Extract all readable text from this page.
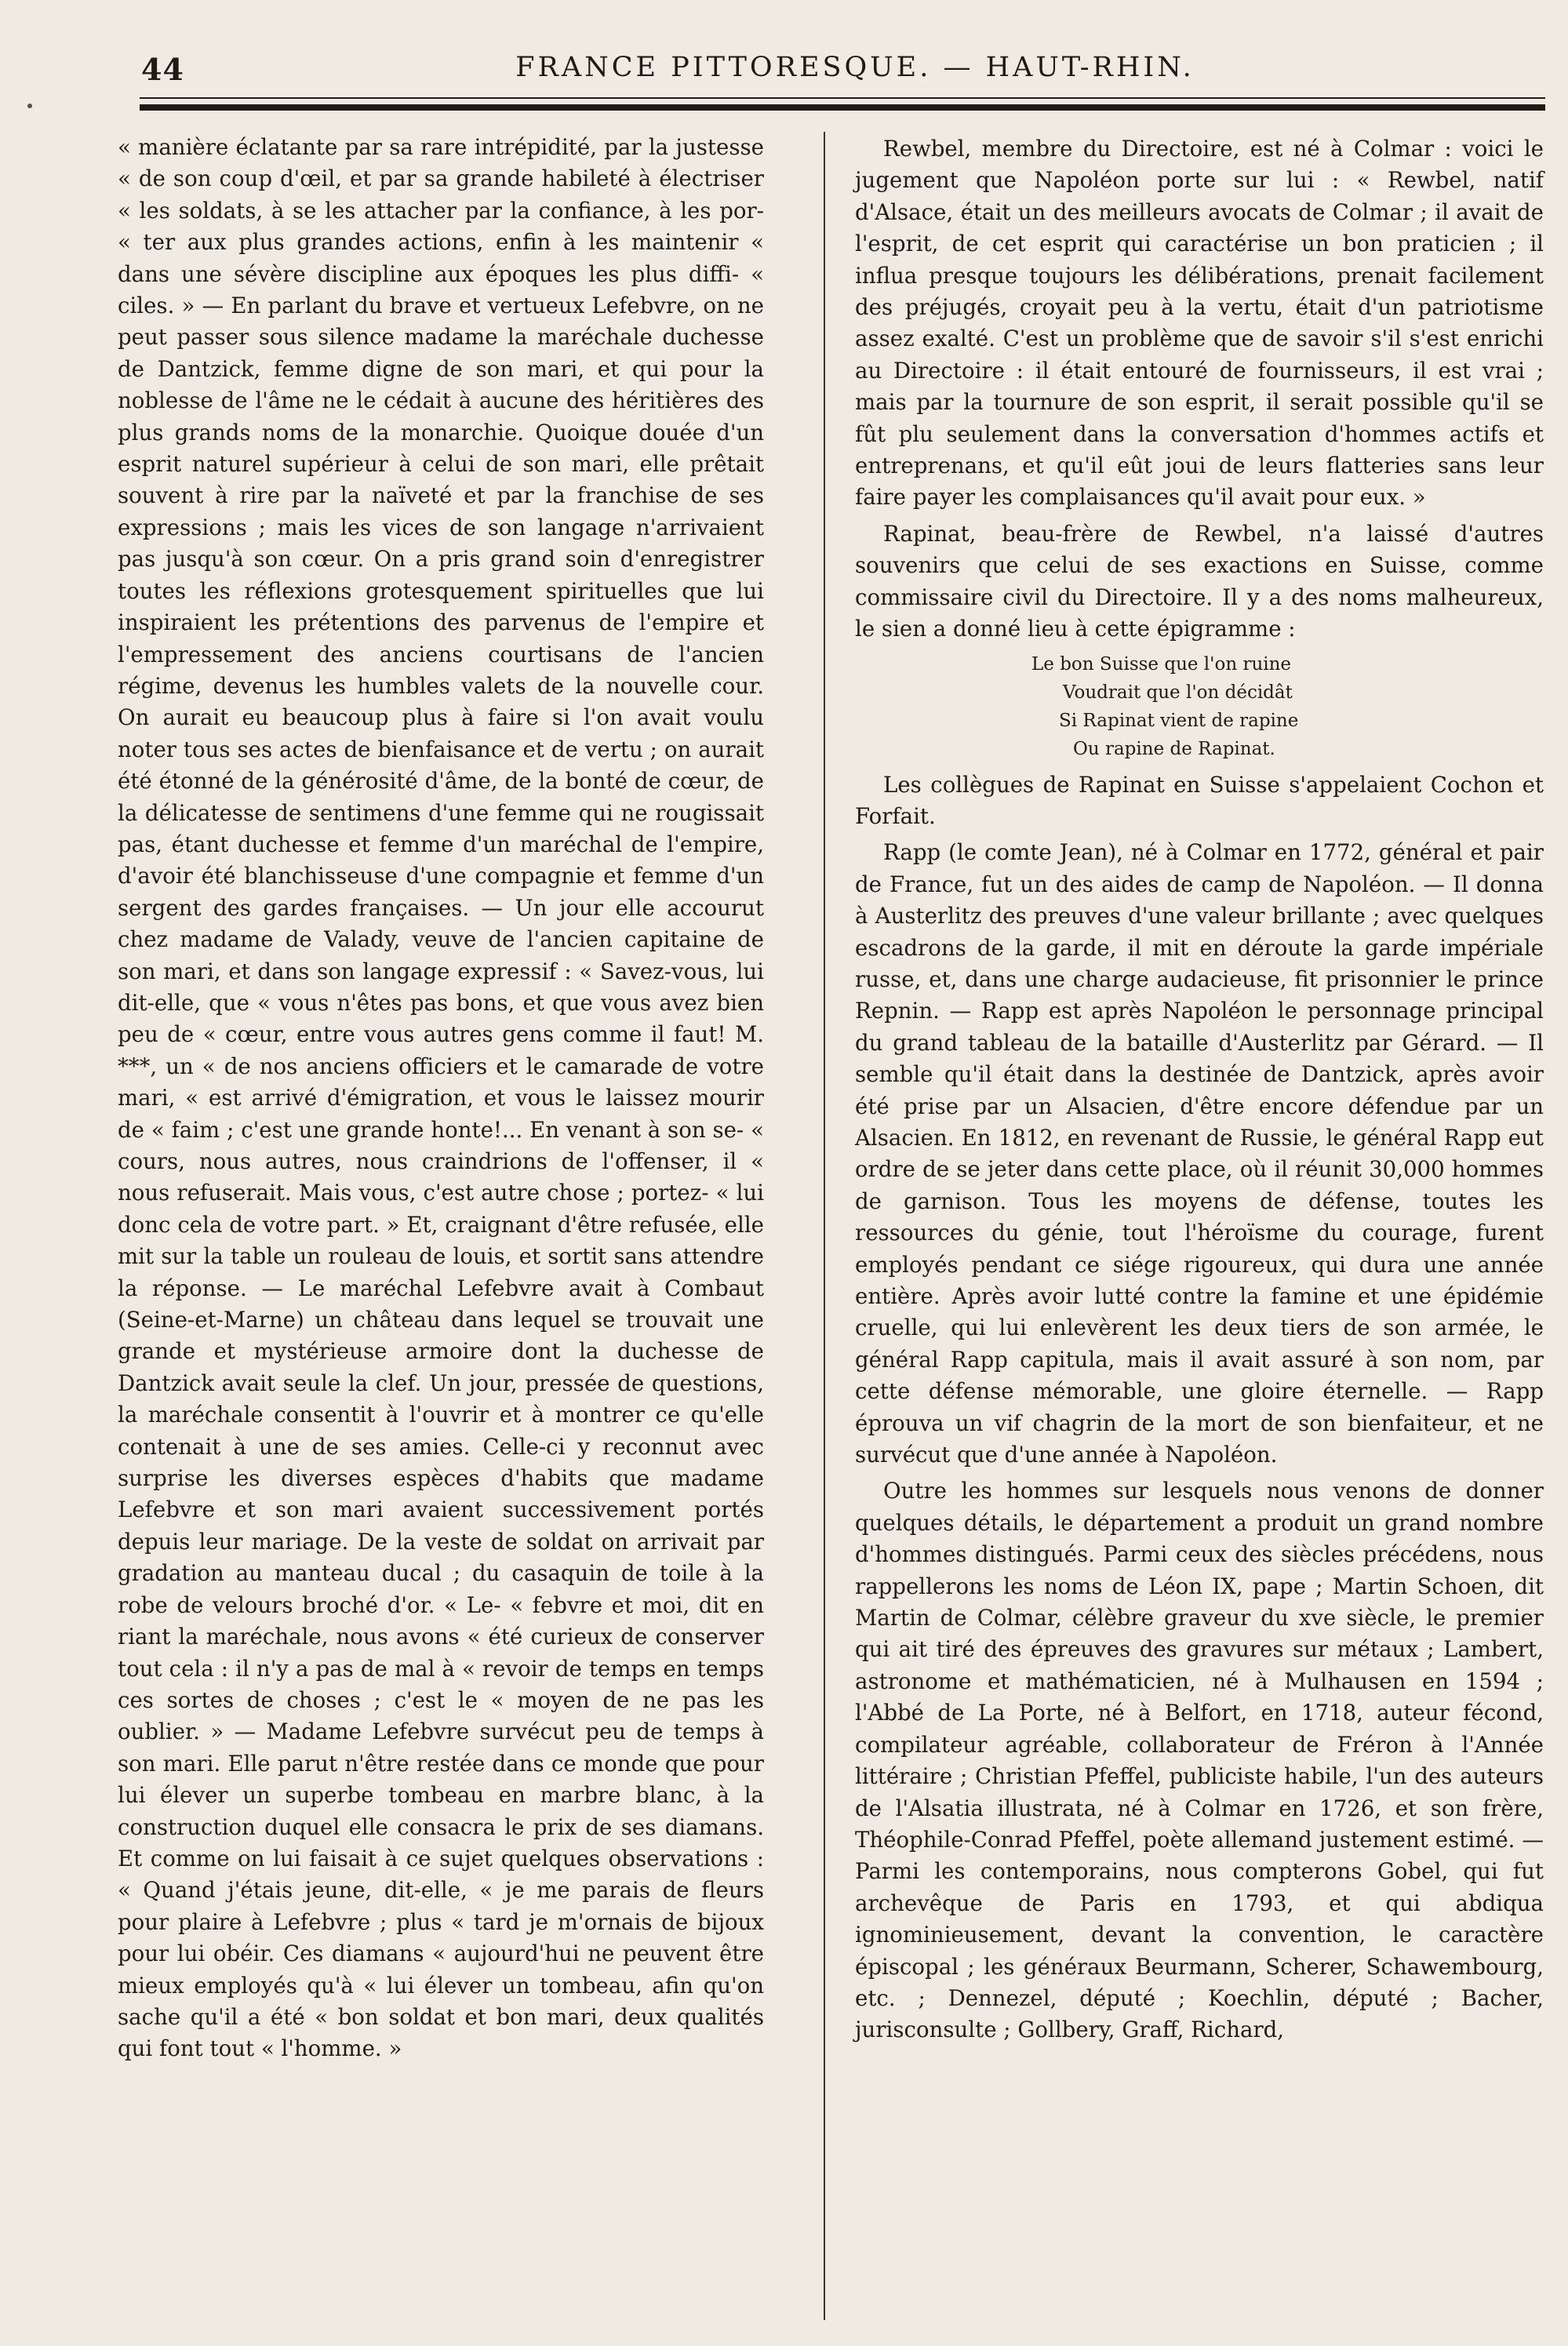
44	FRANCE PITTORESQUE. — HAUT-RHIN.

« manière éclatante par sa rare intrépidité, par la justesse « de son coup d'œil, et par sa grande habileté à électriser « les soldats, à se les attacher par la confiance, à les por- « ter aux plus grandes actions, enfin à les maintenir « dans une sévère discipline aux époques les plus diffi- « ciles. » — En parlant du brave et vertueux Lefebvre, on ne peut passer sous silence madame la maréchale duchesse de Dantzick, femme digne de son mari, et qui pour la noblesse de l'âme ne le cédait à aucune des héritières des plus grands noms de la monarchie. Quoique douée d'un esprit naturel supérieur à celui de son mari, elle prêtait souvent à rire par la naïveté et par la franchise de ses expressions ; mais les vices de son langage n'arrivaient pas jusqu'à son cœur. On a pris grand soin d'enregistrer toutes les réflexions grotesquement spirituelles que lui inspiraient les prétentions des parvenus de l'empire et l'empressement des anciens courtisans de l'ancien régime, devenus les humbles valets de la nouvelle cour. On aurait eu beaucoup plus à faire si l'on avait voulu noter tous ses actes de bienfaisance et de vertu ; on aurait été étonné de la générosité d'âme, de la bonté de cœur, de la délicatesse de sentimens d'une femme qui ne rougissait pas, étant duchesse et femme d'un maréchal de l'empire, d'avoir été blanchisseuse d'une compagnie et femme d'un sergent des gardes françaises. — Un jour elle accourut chez madame de Valady, veuve de l'ancien capitaine de son mari, et dans son langage expressif : « Savez-vous, lui dit-elle, que « vous n'êtes pas bons, et que vous avez bien peu de « cœur, entre vous autres gens comme il faut! M. ***, un « de nos anciens officiers et le camarade de votre mari, « est arrivé d'émigration, et vous le laissez mourir de « faim ; c'est une grande honte!... En venant à son se- « cours, nous autres, nous craindrions de l'offenser, il « nous refuserait. Mais vous, c'est autre chose ; portez- « lui donc cela de votre part. » Et, craignant d'être refusée, elle mit sur la table un rouleau de louis, et sortit sans attendre la réponse. — Le maréchal Lefebvre avait à Combaut (Seine-et-Marne) un château dans lequel se trouvait une grande et mystérieuse armoire dont la duchesse de Dantzick avait seule la clef. Un jour, pressée de questions, la maréchale consentit à l'ouvrir et à montrer ce qu'elle contenait à une de ses amies. Celle-ci y reconnut avec surprise les diverses espèces d'habits que madame Lefebvre et son mari avaient successivement portés depuis leur mariage. De la veste de soldat on arrivait par gradation au manteau ducal ; du casaquin de toile à la robe de velours broché d'or. « Le- « febvre et moi, dit en riant la maréchale, nous avons « été curieux de conserver tout cela : il n'y a pas de mal à « revoir de temps en temps ces sortes de choses ; c'est le « moyen de ne pas les oublier. » — Madame Lefebvre survécut peu de temps à son mari. Elle parut n'être restée dans ce monde que pour lui élever un superbe tombeau en marbre blanc, à la construction duquel elle consacra le prix de ses diamans. Et comme on lui faisait à ce sujet quelques observations : « Quand j'étais jeune, dit-elle, « je me parais de fleurs pour plaire à Lefebvre ; plus « tard je m'ornais de bijoux pour lui obéir. Ces diamans « aujourd'hui ne peuvent être mieux employés qu'à « lui élever un tombeau, afin qu'on sache qu'il a été « bon soldat et bon mari, deux qualités qui font tout « l'homme. »

Rewbel, membre du Directoire, est né à Colmar : voici le jugement que Napoléon porte sur lui : « Rewbel, natif d'Alsace, était un des meilleurs avocats de Colmar ; il avait de l'esprit, de cet esprit qui caractérise un bon praticien ; il influa presque toujours les délibérations, prenait facilement des préjugés, croyait peu à la vertu, était d'un patriotisme assez exalté. C'est un problème que de savoir s'il s'est enrichi au Directoire : il était entouré de fournisseurs, il est vrai ; mais par la tournure de son esprit, il serait possible qu'il se fût plu seulement dans la conversation d'hommes actifs et entreprenans, et qu'il eût joui de leurs flatteries sans leur faire payer les complaisances qu'il avait pour eux. »

Rapinat, beau-frère de Rewbel, n'a laissé d'autres souvenirs que celui de ses exactions en Suisse, comme commissaire civil du Directoire. Il y a des noms malheureux, le sien a donné lieu à cette épigramme :

Le bon Suisse que l'on ruine
Voudrait que l'on décidât
Si Rapinat vient de rapine
Ou rapine de Rapinat.

Les collègues de Rapinat en Suisse s'appelaient Cochon et Forfait.

Rapp (le comte Jean), né à Colmar en 1772, général et pair de France, fut un des aides de camp de Napoléon. — Il donna à Austerlitz des preuves d'une valeur brillante ; avec quelques escadrons de la garde, il mit en déroute la garde impériale russe, et, dans une charge audacieuse, fit prisonnier le prince Repnin. — Rapp est après Napoléon le personnage principal du grand tableau de la bataille d'Austerlitz par Gérard. — Il semble qu'il était dans la destinée de Dantzick, après avoir été prise par un Alsacien, d'être encore défendue par un Alsacien. En 1812, en revenant de Russie, le général Rapp eut ordre de se jeter dans cette place, où il réunit 30,000 hommes de garnison. Tous les moyens de défense, toutes les ressources du génie, tout l'héroïsme du courage, furent employés pendant ce siége rigoureux, qui dura une année entière. Après avoir lutté contre la famine et une épidémie cruelle, qui lui enlevèrent les deux tiers de son armée, le général Rapp capitula, mais il avait assuré à son nom, par cette défense mémorable, une gloire éternelle. — Rapp éprouva un vif chagrin de la mort de son bienfaiteur, et ne survécut que d'une année à Napoléon.

Outre les hommes sur lesquels nous venons de donner quelques détails, le département a produit un grand nombre d'hommes distingués. Parmi ceux des siècles précédens, nous rappellerons les noms de Léon IX, pape ; Martin Schoen, dit Martin de Colmar, célèbre graveur du xve siècle, le premier qui ait tiré des épreuves des gravures sur métaux ; Lambert, astronome et mathématicien, né à Mulhausen en 1594 ; l'Abbé de La Porte, né à Belfort, en 1718, auteur fécond, compilateur agréable, collaborateur de Fréron à l'Année littéraire ; Christian Pfeffel, publiciste habile, l'un des auteurs de l'Alsatia illustrata, né à Colmar en 1726, et son frère, Théophile-Conrad Pfeffel, poète allemand justement estimé. — Parmi les contemporains, nous compterons Gobel, qui fut archevêque de Paris en 1793, et qui abdiqua ignominieusement, devant la convention, le caractère épiscopal ; les généraux Beurmann, Scherer, Schawembourg, etc. ; Dennezel, député ; Koechlin, député ; Bacher, jurisconsulte ; Gollbery, Graff, Richard,
